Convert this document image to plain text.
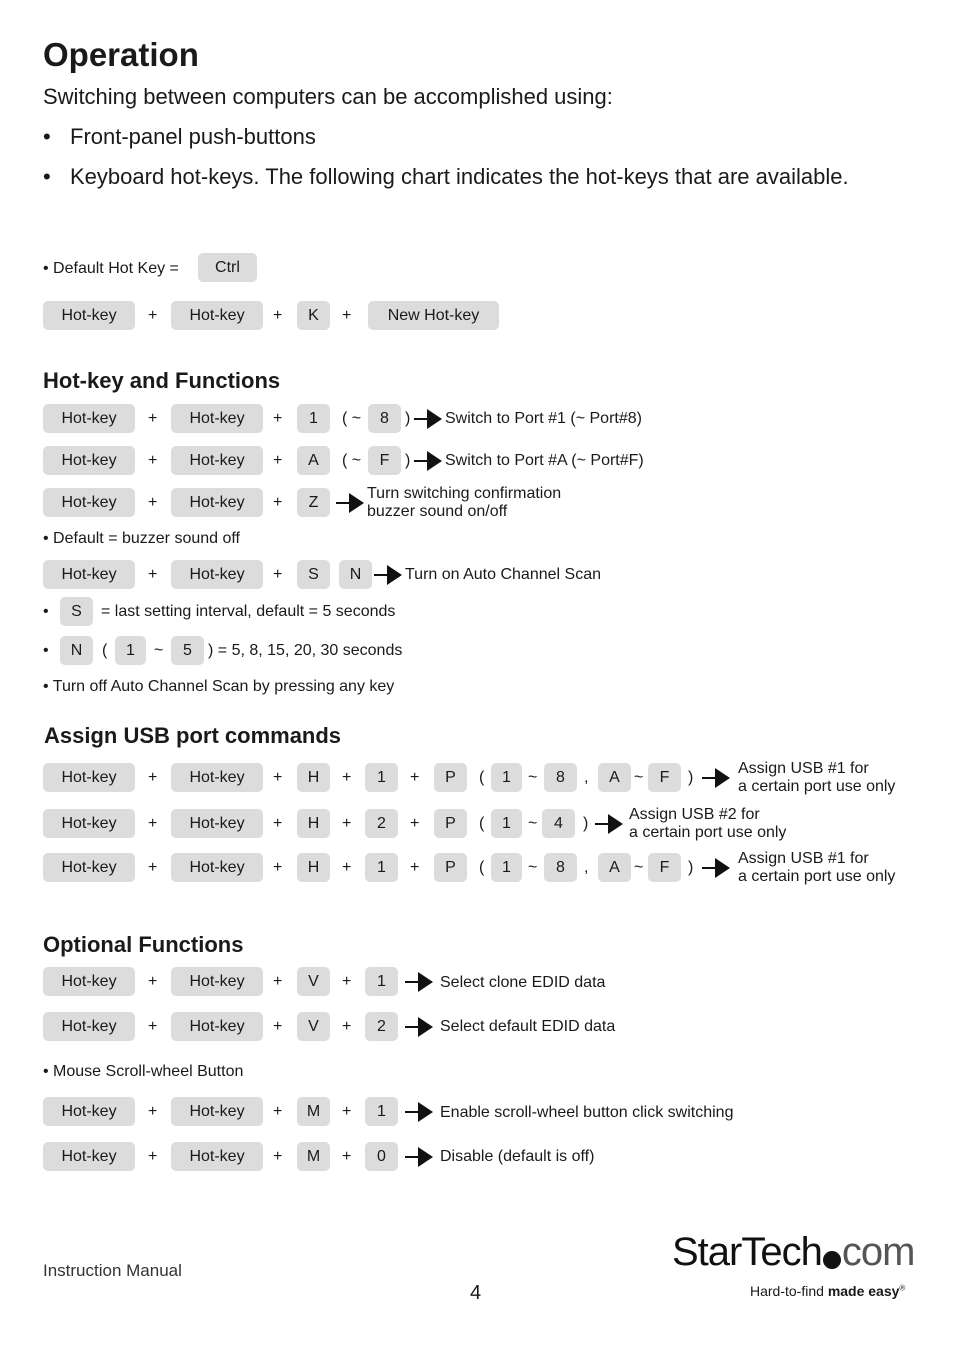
Operation
Switching between computers can be accomplished using:
• Front-panel push-buttons
• Keyboard hot-keys. The following chart indicates the hot-keys that are available.
• Default Hot Key =	Ctrl
Hot-key	+	Hot-key	+	K	+	New Hot-key
Hot-key and Functions
Hot-key	+	Hot-key	+	1	( ~	8	) Switch to Port #1 (~ Port#8)
Hot-key	+	Hot-key	+	A	( ~	F ) Switch to Port #A (~ Port#F)
Hot-key	+	Hot-key	+	Z
Turn switching confirmation
buzzer sound on/off
• Default = buzzer sound off
Hot-key	+	Hot-key	+	S	N	Turn on Auto Channel Scan
•	S	= last setting interval, default = 5 seconds
•	N	(	1	~	5	) = 5, 8, 15, 20, 30 seconds
• Turn off Auto Channel Scan by pressing any key
Assign USB port commands
Hot-key	+	Hot-key	+	H	+	1	+	P	(	1	~	8	,	A ~	F	)
Assign USB #1 for
a certain port use only
Hot-key	+	Hot-key	+	H	+	2	+	P	(	1	~	4	)
Assign USB #2 for
a certain port use only
Hot-key	+	Hot-key	+	H	+	1	+	P	(	1	~	8	,	A ~	F	)
Assign USB #1 for
a certain port use only
Optional Functions
Hot-key	+	Hot-key	+	V	+	1	Select clone EDID data
Hot-key	+	Hot-key	+	V	+	2	Select default EDID data
• Mouse Scroll-wheel Button
Hot-key	+	Hot-key	+	M	+	1	Enable scroll-wheel button click switching
Hot-key	+	Hot-key	+	M	+	0	Disable (default is off)
Instruction Manual
4
StarTech com
Hard-to-find made easy®
